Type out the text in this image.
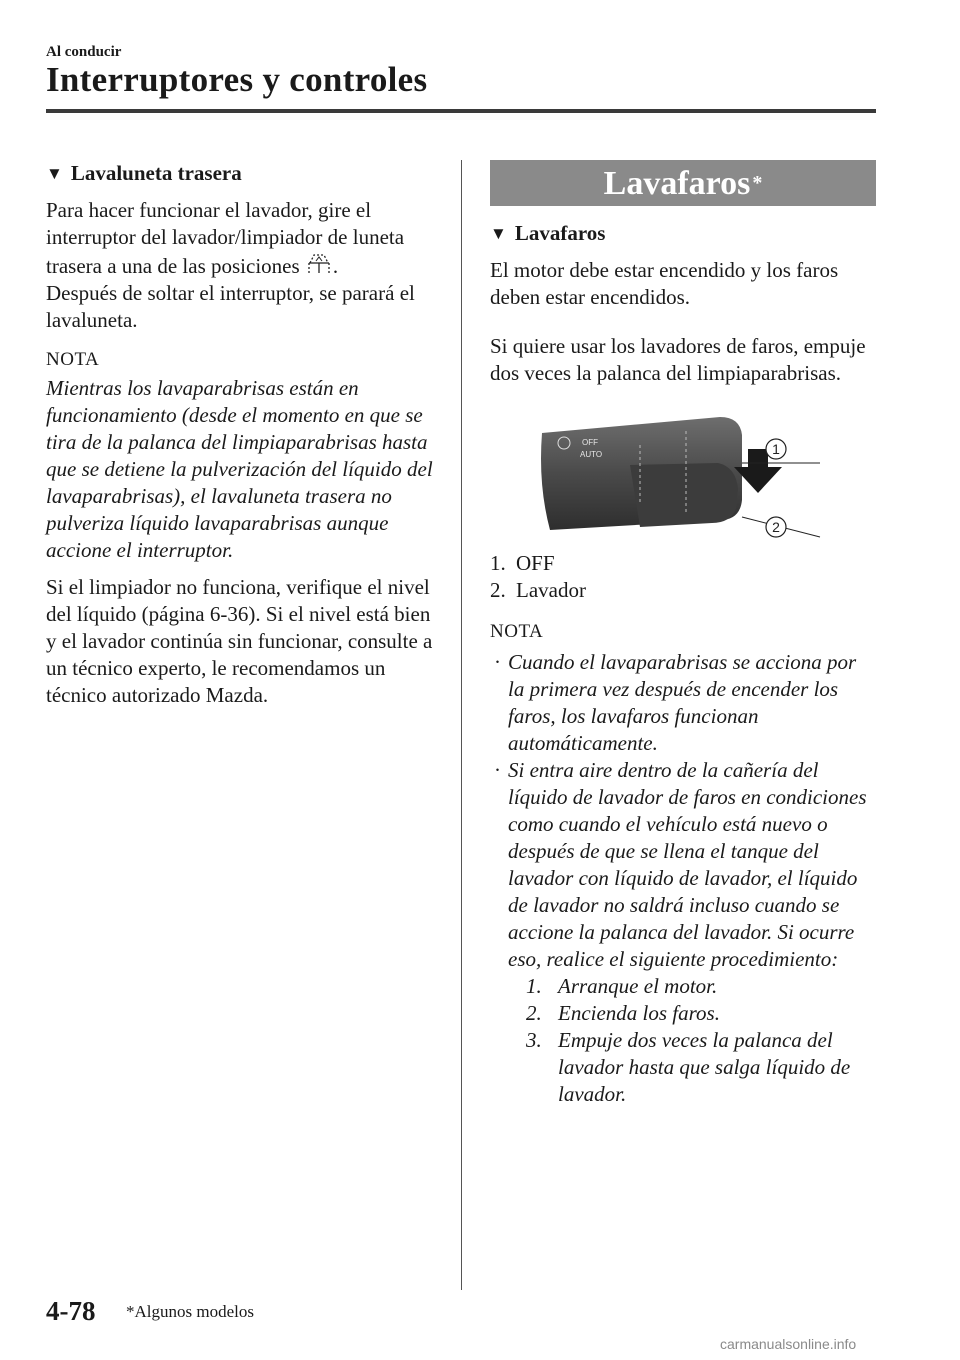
Al conducir
Interruptores y controles
▼ Lavaluneta trasera

Para hacer funcionar el lavador, gire el interruptor del lavador/limpiador de luneta trasera a una de las posiciones .
Después de soltar el interruptor, se parará el lavaluneta.

NOTA

Mientras los lavaparabrisas están en funcionamiento (desde el momento en que se tira de la palanca del limpiaparabrisas hasta que se detiene la pulverización del líquido del lavaparabrisas), el lavaluneta trasera no pulveriza líquido lavaparabrisas aunque accione el interruptor.

Si el limpiador no funciona, verifique el nivel del líquido (página 6-36). Si el nivel está bien y el lavador continúa sin funcionar, consulte a un técnico experto, le recomendamos un técnico autorizado Mazda.

Lavafaros *
▼ Lavafaros

El motor debe estar encendido y los faros deben estar encendidos.

Si quiere usar los lavadores de faros, empuje dos veces la palanca del limpiaparabrisas.

OFF
AUTO	1
2
1. OFF
2. Lavador
NOTA
· Cuando el lavaparabrisas se acciona por la primera vez después de encender los faros, los lavafaros funcionan automáticamente.
· Si entra aire dentro de la cañería del líquido de lavador de faros en condiciones como cuando el vehículo está nuevo o después de que se llena el tanque del lavador con líquido de lavador, el líquido de lavador no saldrá incluso cuando se accione la palanca del lavador. Si ocurre eso, realice el siguiente procedimiento:
1. Arranque el motor.
2. Encienda los faros.
3. Empuje dos veces la palanca del lavador hasta que salga líquido de lavador.
4-78 *Algunos modelos
carmanualsonline.info
